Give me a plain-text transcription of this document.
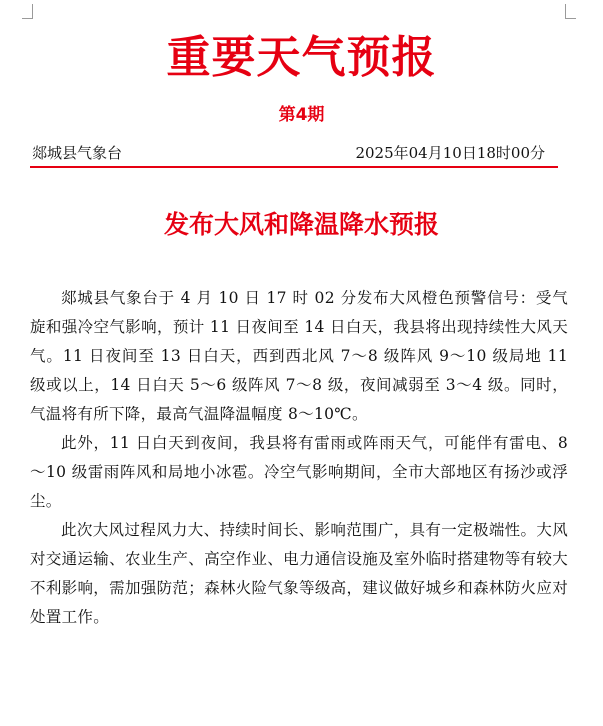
重要天气预报
第4期
郯城县气象台	2025年04月10日18时00分
发布大风和降温降水预报

郯城县气象台于 4 月 10 日 17 时 02 分发布大风橙色预警信号：受气旋和强冷空气影响，预计 11 日夜间至 14 日白天，我县将出现持续性大风天气。11 日夜间至 13 日白天，西到西北风 7～8 级阵风 9～10 级局地 11 级或以上，14 日白天 5～6 级阵风 7～8 级，夜间减弱至 3～4 级。同时，气温将有所下降，最高气温降温幅度 8～10℃。

此外，11 日白天到夜间，我县将有雷雨或阵雨天气，可能伴有雷电、8～10 级雷雨阵风和局地小冰雹。冷空气影响期间，全市大部地区有扬沙或浮尘。

此次大风过程风力大、持续时间长、影响范围广，具有一定极端性。大风对交通运输、农业生产、高空作业、电力通信设施及室外临时搭建物等有较大不利影响，需加强防范；森林火险气象等级高，建议做好城乡和森林防火应对处置工作。
